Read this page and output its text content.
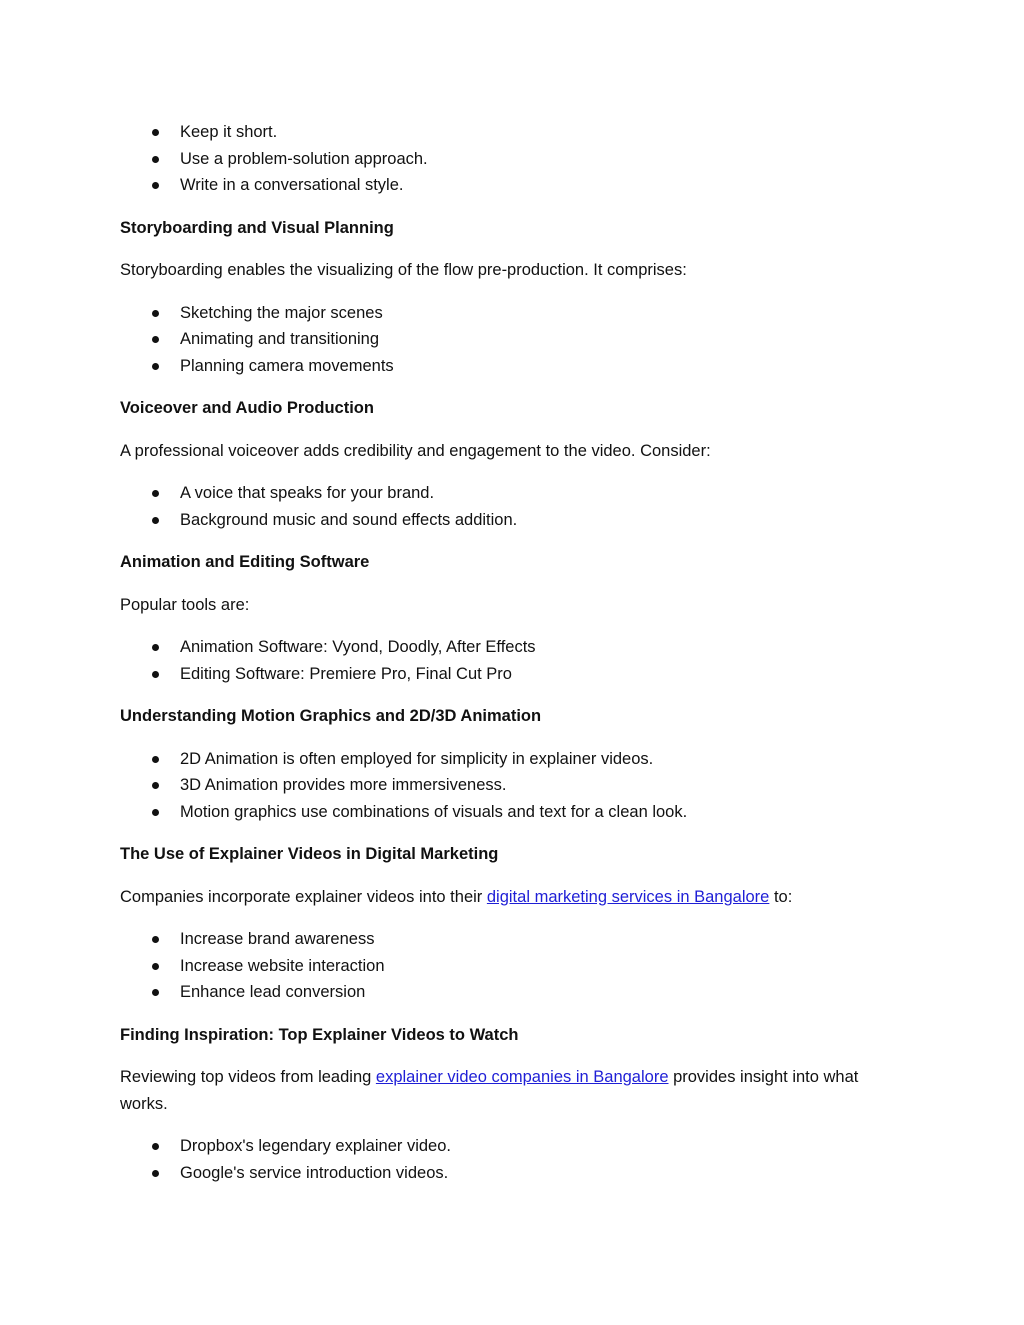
Keep it short.
Use a problem-solution approach.
Write in a conversational style.
Storyboarding and Visual Planning

Storyboarding enables the visualizing of the flow pre-production. It comprises:

Sketching the major scenes
Animating and transitioning
Planning camera movements
Voiceover and Audio Production

A professional voiceover adds credibility and engagement to the video. Consider:

A voice that speaks for your brand.
Background music and sound effects addition.
Animation and Editing Software

Popular tools are:

Animation Software: Vyond, Doodly, After Effects
Editing Software: Premiere Pro, Final Cut Pro
Understanding Motion Graphics and 2D/3D Animation
2D Animation is often employed for simplicity in explainer videos.
3D Animation provides more immersiveness.
Motion graphics use combinations of visuals and text for a clean look.
The Use of Explainer Videos in Digital Marketing

Companies incorporate explainer videos into their digital marketing services in Bangalore to:

Increase brand awareness
Increase website interaction
Enhance lead conversion
Finding Inspiration: Top Explainer Videos to Watch

Reviewing top videos from leading explainer video companies in Bangalore provides insight into what works.

Dropbox's legendary explainer video.
Google's service introduction videos.
